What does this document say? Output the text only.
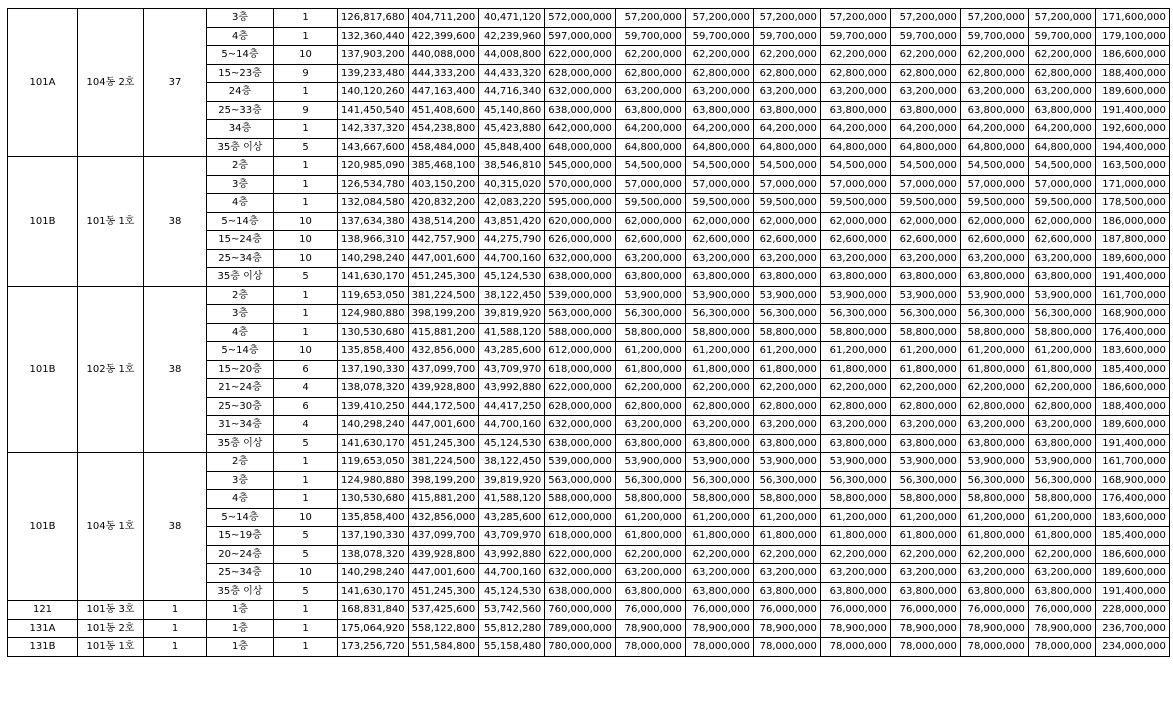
101A	104동 2호	37	3층	1	126,817,680	404,711,200	40,471,120	572,000,000	57,200,000	57,200,000	57,200,000	57,200,000	57,200,000	57,200,000	57,200,000	171,600,000
			4층	1	132,360,440	422,399,600	42,239,960	597,000,000	59,700,000	59,700,000	59,700,000	59,700,000	59,700,000	59,700,000	59,700,000	179,100,000
			5~14층	10	137,903,200	440,088,000	44,008,800	622,000,000	62,200,000	62,200,000	62,200,000	62,200,000	62,200,000	62,200,000	62,200,000	186,600,000
			15~23층	9	139,233,480	444,333,200	44,433,320	628,000,000	62,800,000	62,800,000	62,800,000	62,800,000	62,800,000	62,800,000	62,800,000	188,400,000
			24층	1	140,120,260	447,163,400	44,716,340	632,000,000	63,200,000	63,200,000	63,200,000	63,200,000	63,200,000	63,200,000	63,200,000	189,600,000
			25~33층	9	141,450,540	451,408,600	45,140,860	638,000,000	63,800,000	63,800,000	63,800,000	63,800,000	63,800,000	63,800,000	63,800,000	191,400,000
			34층	1	142,337,320	454,238,800	45,423,880	642,000,000	64,200,000	64,200,000	64,200,000	64,200,000	64,200,000	64,200,000	64,200,000	192,600,000
			35층 이상	5	143,667,600	458,484,000	45,848,400	648,000,000	64,800,000	64,800,000	64,800,000	64,800,000	64,800,000	64,800,000	64,800,000	194,400,000
101B	101동 1호	38	2층	1	120,985,090	385,468,100	38,546,810	545,000,000	54,500,000	54,500,000	54,500,000	54,500,000	54,500,000	54,500,000	54,500,000	163,500,000
			3층	1	126,534,780	403,150,200	40,315,020	570,000,000	57,000,000	57,000,000	57,000,000	57,000,000	57,000,000	57,000,000	57,000,000	171,000,000
			4층	1	132,084,580	420,832,200	42,083,220	595,000,000	59,500,000	59,500,000	59,500,000	59,500,000	59,500,000	59,500,000	59,500,000	178,500,000
			5~14층	10	137,634,380	438,514,200	43,851,420	620,000,000	62,000,000	62,000,000	62,000,000	62,000,000	62,000,000	62,000,000	62,000,000	186,000,000
			15~24층	10	138,966,310	442,757,900	44,275,790	626,000,000	62,600,000	62,600,000	62,600,000	62,600,000	62,600,000	62,600,000	62,600,000	187,800,000
			25~34층	10	140,298,240	447,001,600	44,700,160	632,000,000	63,200,000	63,200,000	63,200,000	63,200,000	63,200,000	63,200,000	63,200,000	189,600,000
			35층 이상	5	141,630,170	451,245,300	45,124,530	638,000,000	63,800,000	63,800,000	63,800,000	63,800,000	63,800,000	63,800,000	63,800,000	191,400,000
101B	102동 1호	38	2층	1	119,653,050	381,224,500	38,122,450	539,000,000	53,900,000	53,900,000	53,900,000	53,900,000	53,900,000	53,900,000	53,900,000	161,700,000
			3층	1	124,980,880	398,199,200	39,819,920	563,000,000	56,300,000	56,300,000	56,300,000	56,300,000	56,300,000	56,300,000	56,300,000	168,900,000
			4층	1	130,530,680	415,881,200	41,588,120	588,000,000	58,800,000	58,800,000	58,800,000	58,800,000	58,800,000	58,800,000	58,800,000	176,400,000
			5~14층	10	135,858,400	432,856,000	43,285,600	612,000,000	61,200,000	61,200,000	61,200,000	61,200,000	61,200,000	61,200,000	61,200,000	183,600,000
			15~20층	6	137,190,330	437,099,700	43,709,970	618,000,000	61,800,000	61,800,000	61,800,000	61,800,000	61,800,000	61,800,000	61,800,000	185,400,000
			21~24층	4	138,078,320	439,928,800	43,992,880	622,000,000	62,200,000	62,200,000	62,200,000	62,200,000	62,200,000	62,200,000	62,200,000	186,600,000
			25~30층	6	139,410,250	444,172,500	44,417,250	628,000,000	62,800,000	62,800,000	62,800,000	62,800,000	62,800,000	62,800,000	62,800,000	188,400,000
			31~34층	4	140,298,240	447,001,600	44,700,160	632,000,000	63,200,000	63,200,000	63,200,000	63,200,000	63,200,000	63,200,000	63,200,000	189,600,000
			35층 이상	5	141,630,170	451,245,300	45,124,530	638,000,000	63,800,000	63,800,000	63,800,000	63,800,000	63,800,000	63,800,000	63,800,000	191,400,000
101B	104동 1호	38	2층	1	119,653,050	381,224,500	38,122,450	539,000,000	53,900,000	53,900,000	53,900,000	53,900,000	53,900,000	53,900,000	53,900,000	161,700,000
			3층	1	124,980,880	398,199,200	39,819,920	563,000,000	56,300,000	56,300,000	56,300,000	56,300,000	56,300,000	56,300,000	56,300,000	168,900,000
			4층	1	130,530,680	415,881,200	41,588,120	588,000,000	58,800,000	58,800,000	58,800,000	58,800,000	58,800,000	58,800,000	58,800,000	176,400,000
			5~14층	10	135,858,400	432,856,000	43,285,600	612,000,000	61,200,000	61,200,000	61,200,000	61,200,000	61,200,000	61,200,000	61,200,000	183,600,000
			15~19층	5	137,190,330	437,099,700	43,709,970	618,000,000	61,800,000	61,800,000	61,800,000	61,800,000	61,800,000	61,800,000	61,800,000	185,400,000
			20~24층	5	138,078,320	439,928,800	43,992,880	622,000,000	62,200,000	62,200,000	62,200,000	62,200,000	62,200,000	62,200,000	62,200,000	186,600,000
			25~34층	10	140,298,240	447,001,600	44,700,160	632,000,000	63,200,000	63,200,000	63,200,000	63,200,000	63,200,000	63,200,000	63,200,000	189,600,000
			35층 이상	5	141,630,170	451,245,300	45,124,530	638,000,000	63,800,000	63,800,000	63,800,000	63,800,000	63,800,000	63,800,000	63,800,000	191,400,000
121	101동 3호	1	1층	1	168,831,840	537,425,600	53,742,560	760,000,000	76,000,000	76,000,000	76,000,000	76,000,000	76,000,000	76,000,000	76,000,000	228,000,000
131A	101동 2호	1	1층	1	175,064,920	558,122,800	55,812,280	789,000,000	78,900,000	78,900,000	78,900,000	78,900,000	78,900,000	78,900,000	78,900,000	236,700,000
131B	101동 1호	1	1층	1	173,256,720	551,584,800	55,158,480	780,000,000	78,000,000	78,000,000	78,000,000	78,000,000	78,000,000	78,000,000	78,000,000	234,000,000
